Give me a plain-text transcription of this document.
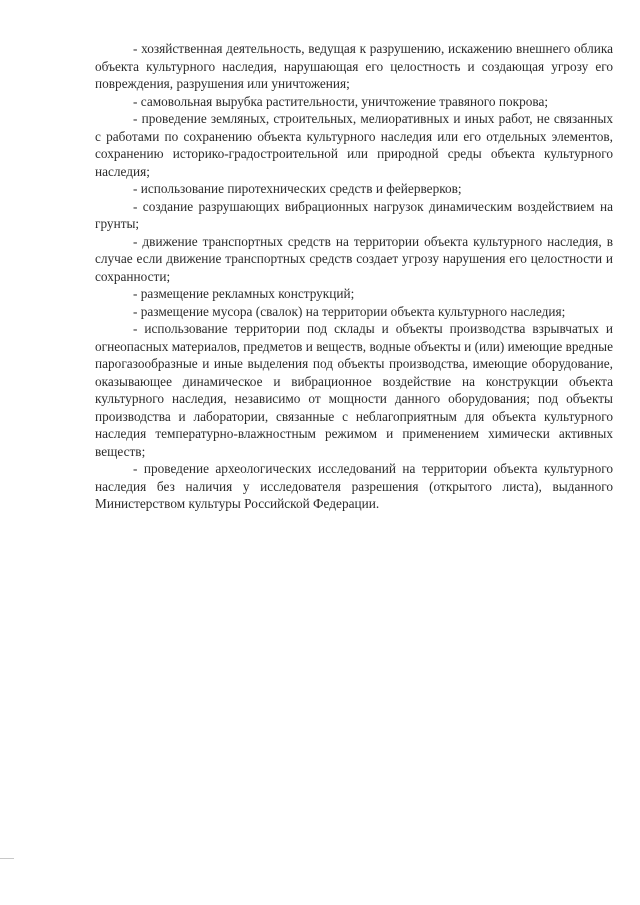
- хозяйственная деятельность, ведущая к разрушению, искажению внешнего облика объекта культурного наследия, нарушающая его целостность и создающая угрозу его повреждения, разрушения или уничтожения;

- самовольная вырубка растительности, уничтожение травяного покрова;

- проведение земляных, строительных, мелиоративных и иных работ, не связанных с работами по сохранению объекта культурного наследия или его отдельных элементов, сохранению историко-градостроительной или природной среды объекта культурного наследия;

- использование пиротехнических средств и фейерверков;

- создание разрушающих вибрационных нагрузок динамическим воздействием на грунты;

- движение транспортных средств на территории объекта культурного наследия, в случае если движение транспортных средств создает угрозу нарушения его целостности и сохранности;

- размещение рекламных конструкций;

- размещение мусора (свалок) на территории объекта культурного наследия;

- использование территории под склады и объекты производства взрывчатых и огнеопасных материалов, предметов и веществ, водные объекты и (или) имеющие вредные парогазообразные и иные выделения под объекты производства, имеющие оборудование, оказывающее динамическое и вибрационное воздействие на конструкции объекта культурного наследия, независимо от мощности данного оборудования; под объекты производства и лаборатории, связанные с неблагоприятным для объекта культурного наследия температурно-влажностным режимом и применением химически активных веществ;

- проведение археологических исследований на территории объекта культурного наследия без наличия у исследователя разрешения (открытого листа), выданного Министерством культуры Российской Федерации.
